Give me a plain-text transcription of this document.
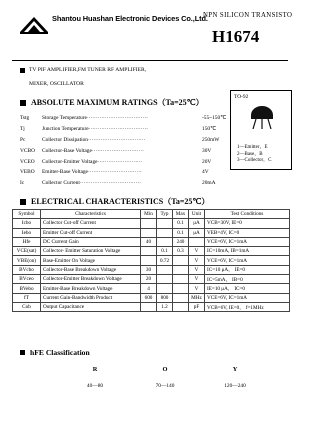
Shantou Huashan Electronic Devices Co.,Ltd.
NPN SILICON TRANSISTO
H1674
TV PIF AMPLIFIER,FM TUNER RF AMPLIFIER,
MIXER, OSCILLATOR
ABSOLUTE MAXIMUM RATINGS（Ta=25℃）
Tstg	Storage Temperature··································	-55~150℃
Tj	Junction Temperature·································	150℃
Pc	Collector Dissipation································	250mW
VCBO	Collector-Base Voltage·····························	30V
VCEO	Collector-Emitter Voltage·························	20V
VEBO	Emitter-Base Voltage······························	4V
Ic	Collector Current··································	20mA
TO-92
1—Emitter，E
2—Base，B
3—Collector，C
ELECTRICAL CHARACTERISTICS（Ta=25℃）
Symbol	Characteristics	Min	Typ	Max	Unit	Test Conditions
Icbo	Collector Cut-off Current			0.1	μA	VCB=30V, IE=0
Iebo	Emitter Cut-off Current			0.1	μA	VEB=4V, IC=0
Hfe	DC Current Gain	40		240		VCE=6V, IC=1mA
VCE(sat)	Collector- Emitter Saturation Voltage		0.1	0.3	V	IC=10mA, IB=1mA
VBE(on)	Base-Emitter On Voltage		0.72		V	VCE=6V, IC=1mA
BVcbo	Collector-Base Breakdown Voltage	30			V	IC=10 μA， IE=0
BVceo	Collector-Emitter Breakdown Voltage	20			V	IC=5mA， IB=0
BVebo	Emitter-Base Breakdown Voltage	4			V	IE=10 μA， IC=0
fT	Current Gain-Bandwidth Product	600	800		MHz	VCE=6V, IC=1mA
Cob	Output Capacitance		1.2		pF	VCB=6V, IE=0， f=1MHz
hFE Classification
R	O	Y
40—80	70—140	120—240
